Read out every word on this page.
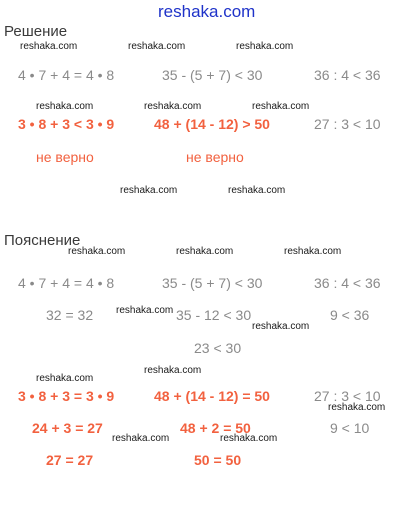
reshaka.com
Решение
reshaka.com	reshaka.com	reshaka.com
4 • 7 + 4 = 4 • 8	35 - (5 + 7) < 30	36 : 4 < 36
reshaka.com	reshaka.com	reshaka.com
3 • 8 + 3 < 3 • 9	48 + (14 - 12) > 50	27 : 3 < 10
не верно	не верно
reshaka.com	reshaka.com
Пояснение
reshaka.com	reshaka.com	reshaka.com
4 • 7 + 4 = 4 • 8	35 - (5 + 7) < 30	36 : 4 < 36
32 = 32 reshaka.com 35 - 12 < 30	9 < 36
reshaka.com
23 < 30
reshaka.com
reshaka.com
3 • 8 + 3 = 3 • 9	48 + (14 - 12) = 50	27 : 3 < 10
reshaka.com
24 + 3 = 27	48 + 2 = 50	9 < 10
reshaka.com	reshaka.com
27 = 27	50 = 50
